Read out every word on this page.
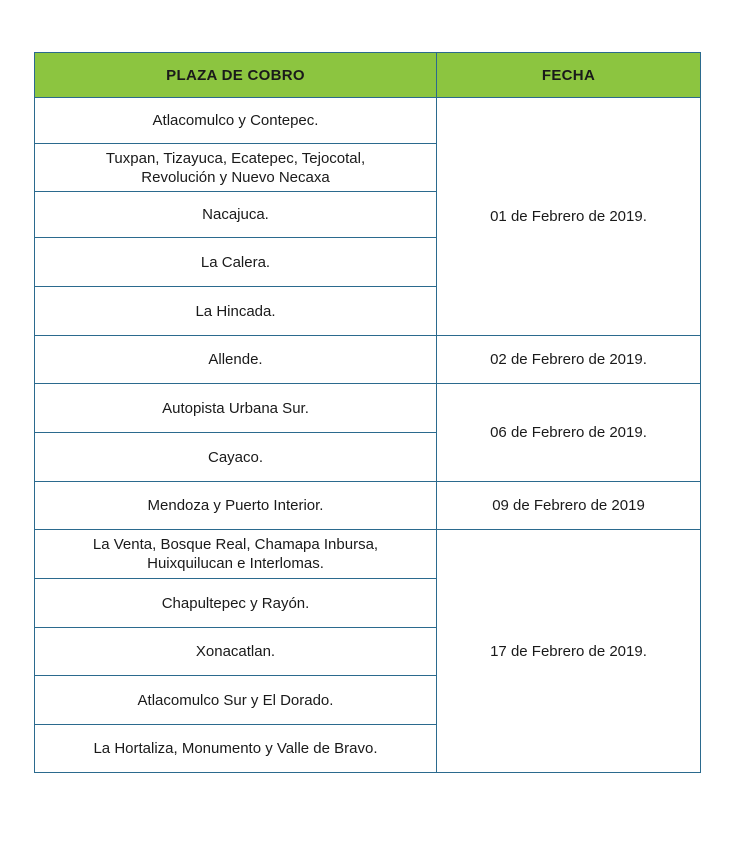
PLAZA DE COBRO	FECHA
Atlacomulco y Contepec.	01 de Febrero de 2019.
Tuxpan, Tizayuca, Ecatepec, Tejocotal,
Revolución y Nuevo Necaxa	
Nacajuca.	
La Calera.	
La Hincada.	
Allende.	02 de Febrero de 2019.
Autopista Urbana Sur.	06 de Febrero de 2019.
Cayaco.	
Mendoza y Puerto Interior.	09 de Febrero de 2019
La Venta, Bosque Real, Chamapa Inbursa,
Huixquilucan e Interlomas.	17 de Febrero de 2019.
Chapultepec y Rayón.	
Xonacatlan.	
Atlacomulco Sur y El Dorado.	
La Hortaliza, Monumento y Valle de Bravo.	
